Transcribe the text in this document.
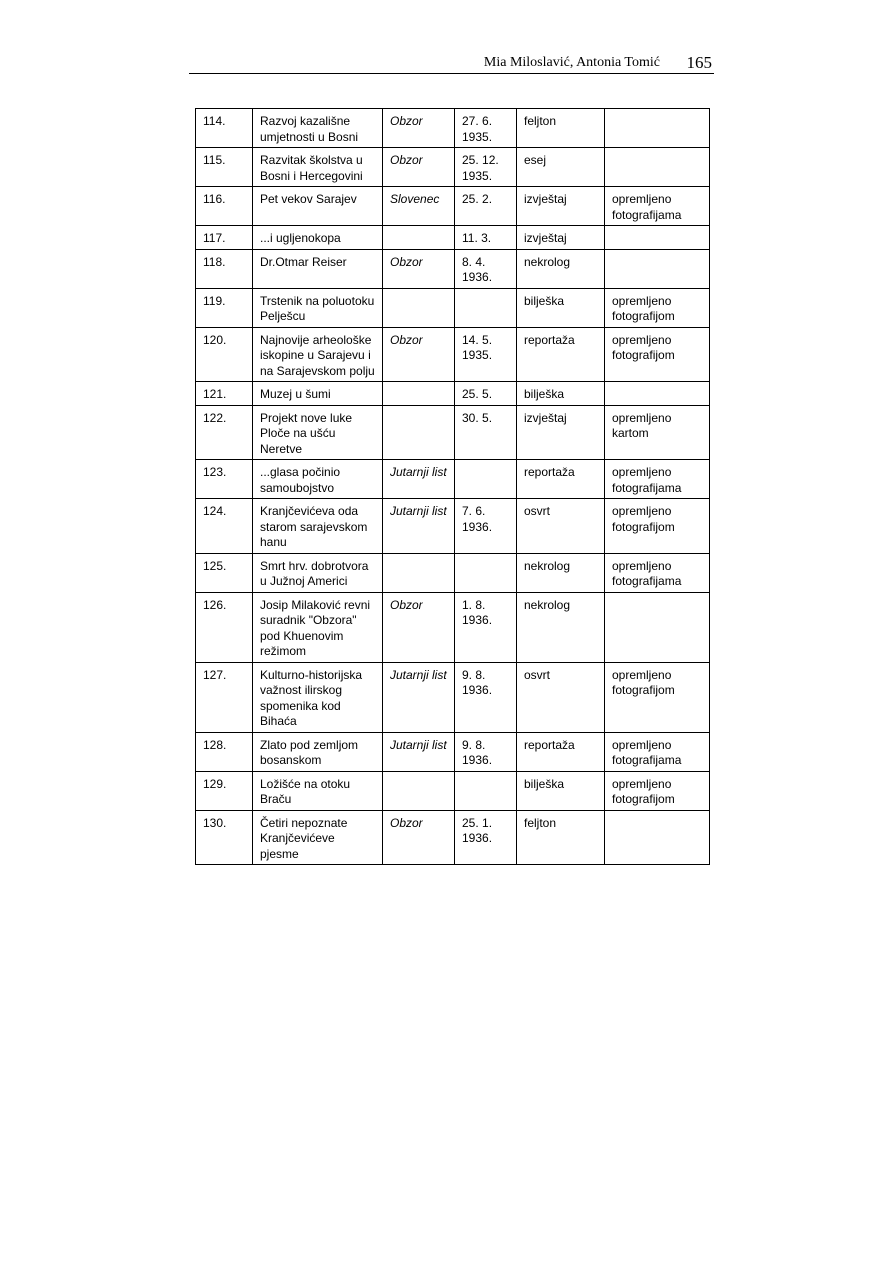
Mia Miloslavić, Antonia Tomić 165
114.	Razvoj kazališne umjetnosti u Bosni	Obzor	27. 6. 1935.	feljton	
115.	Razvitak školstva u Bosni i Hercegovini	Obzor	25. 12. 1935.	esej	
116.	Pet vekov Sarajev	Slovenec	25. 2.	izvještaj	opremljeno fotografijama
117.	...i ugljenokopa		11. 3.	izvještaj	
118.	Dr.Otmar Reiser	Obzor	8. 4. 1936.	nekrolog	
119.	Trstenik na poluotoku Pelješcu			bilješka	opremljeno fotografijom
120.	Najnovije arheološke iskopine u Sarajevu i na Sarajevskom polju	Obzor	14. 5. 1935.	reportaža	opremljeno fotografijom
121.	Muzej u šumi		25. 5.	bilješka	
122.	Projekt nove luke Ploče na ušću Neretve		30. 5.	izvještaj	opremljeno kartom
123.	...glasa počinio samoubojstvo	Jutarnji list		reportaža	opremljeno fotografijama
124.	Kranjčevićeva oda starom sarajevskom hanu	Jutarnji list	7. 6. 1936.	osvrt	opremljeno fotografijom
125.	Smrt hrv. dobrotvora u Južnoj Americi			nekrolog	opremljeno fotografijama
126.	Josip Milaković revni suradnik "Obzora" pod Khuenovim režimom	Obzor	1. 8. 1936.	nekrolog	
127.	Kulturno-historijska važnost ilirskog spomenika kod Bihaća	Jutarnji list	9. 8. 1936.	osvrt	opremljeno fotografijom
128.	Zlato pod zemljom bosanskom	Jutarnji list	9. 8. 1936.	reportaža	opremljeno fotografijama
129.	Ložišće na otoku Braču			bilješka	opremljeno fotografijom
130.	Četiri nepoznate Kranjčevićeve pjesme	Obzor	25. 1. 1936.	feljton	
